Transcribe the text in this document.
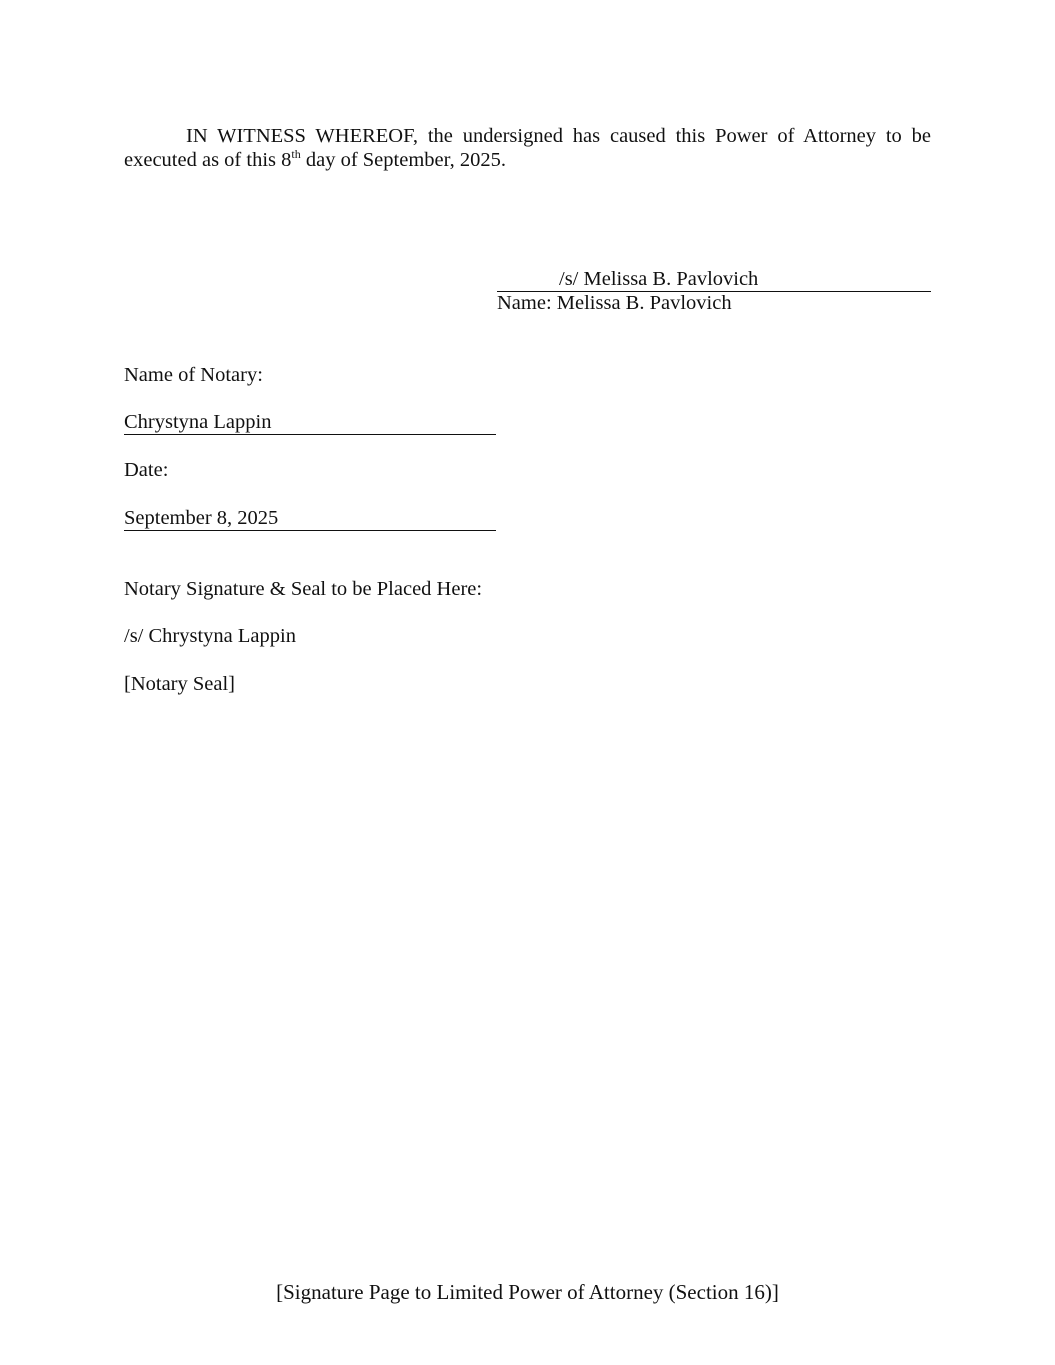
IN WITNESS WHEREOF, the undersigned has caused this Power of Attorney to be executed as of this 8th day of September, 2025.
/s/ Melissa B. Pavlovich
Name: Melissa B. Pavlovich
Name of Notary:
Chrystyna Lappin
Date:
September 8, 2025
Notary Signature & Seal to be Placed Here:
/s/ Chrystyna Lappin
[Notary Seal]
[Signature Page to Limited Power of Attorney (Section 16)]
